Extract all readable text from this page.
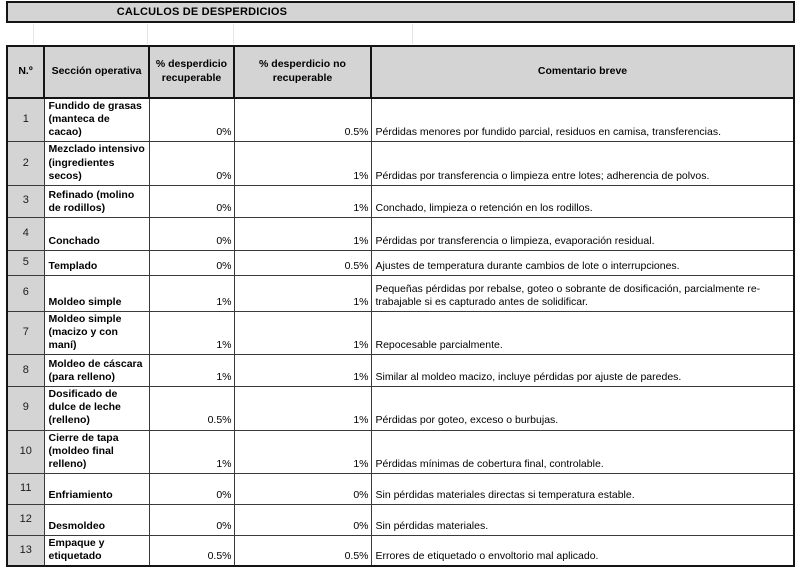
CALCULOS DE DESPERDICIOS
N.º	Sección operativa	% desperdicio recuperable	% desperdicio no recuperable	Comentario breve
1	Fundido de grasas (manteca de cacao)	0%	0.5%	Pérdidas menores por fundido parcial, residuos en camisa, transferencias.
2	Mezclado intensivo (ingredientes secos)	0%	1%	Pérdidas por transferencia o limpieza entre lotes; adherencia de polvos.
3	Refinado (molino de rodillos)	0%	1%	Conchado, limpieza o retención en los rodillos.
4	Conchado	0%	1%	Pérdidas por transferencia o limpieza, evaporación residual.
5	Templado	0%	0.5%	Ajustes de temperatura durante cambios de lote o interrupciones.
6	Moldeo simple	1%	1%	Pequeñas pérdidas por rebalse, goteo o sobrante de dosificación, parcialmente re-trabajable si es capturado antes de solidificar.
7	Moldeo simple (macizo y con maní)	1%	1%	Repocesable parcialmente.
8	Moldeo de cáscara (para relleno)	1%	1%	Similar al moldeo macizo, incluye pérdidas por ajuste de paredes.
9	Dosificado de dulce de leche (relleno)	0.5%	1%	Pérdidas por goteo, exceso o burbujas.
10	Cierre de tapa (moldeo final relleno)	1%	1%	Pérdidas mínimas de cobertura final, controlable.
11	Enfriamiento	0%	0%	Sin pérdidas materiales directas si temperatura estable.
12	Desmoldeo	0%	0%	Sin pérdidas materiales.
13	Empaque y etiquetado	0.5%	0.5%	Errores de etiquetado o envoltorio mal aplicado.
